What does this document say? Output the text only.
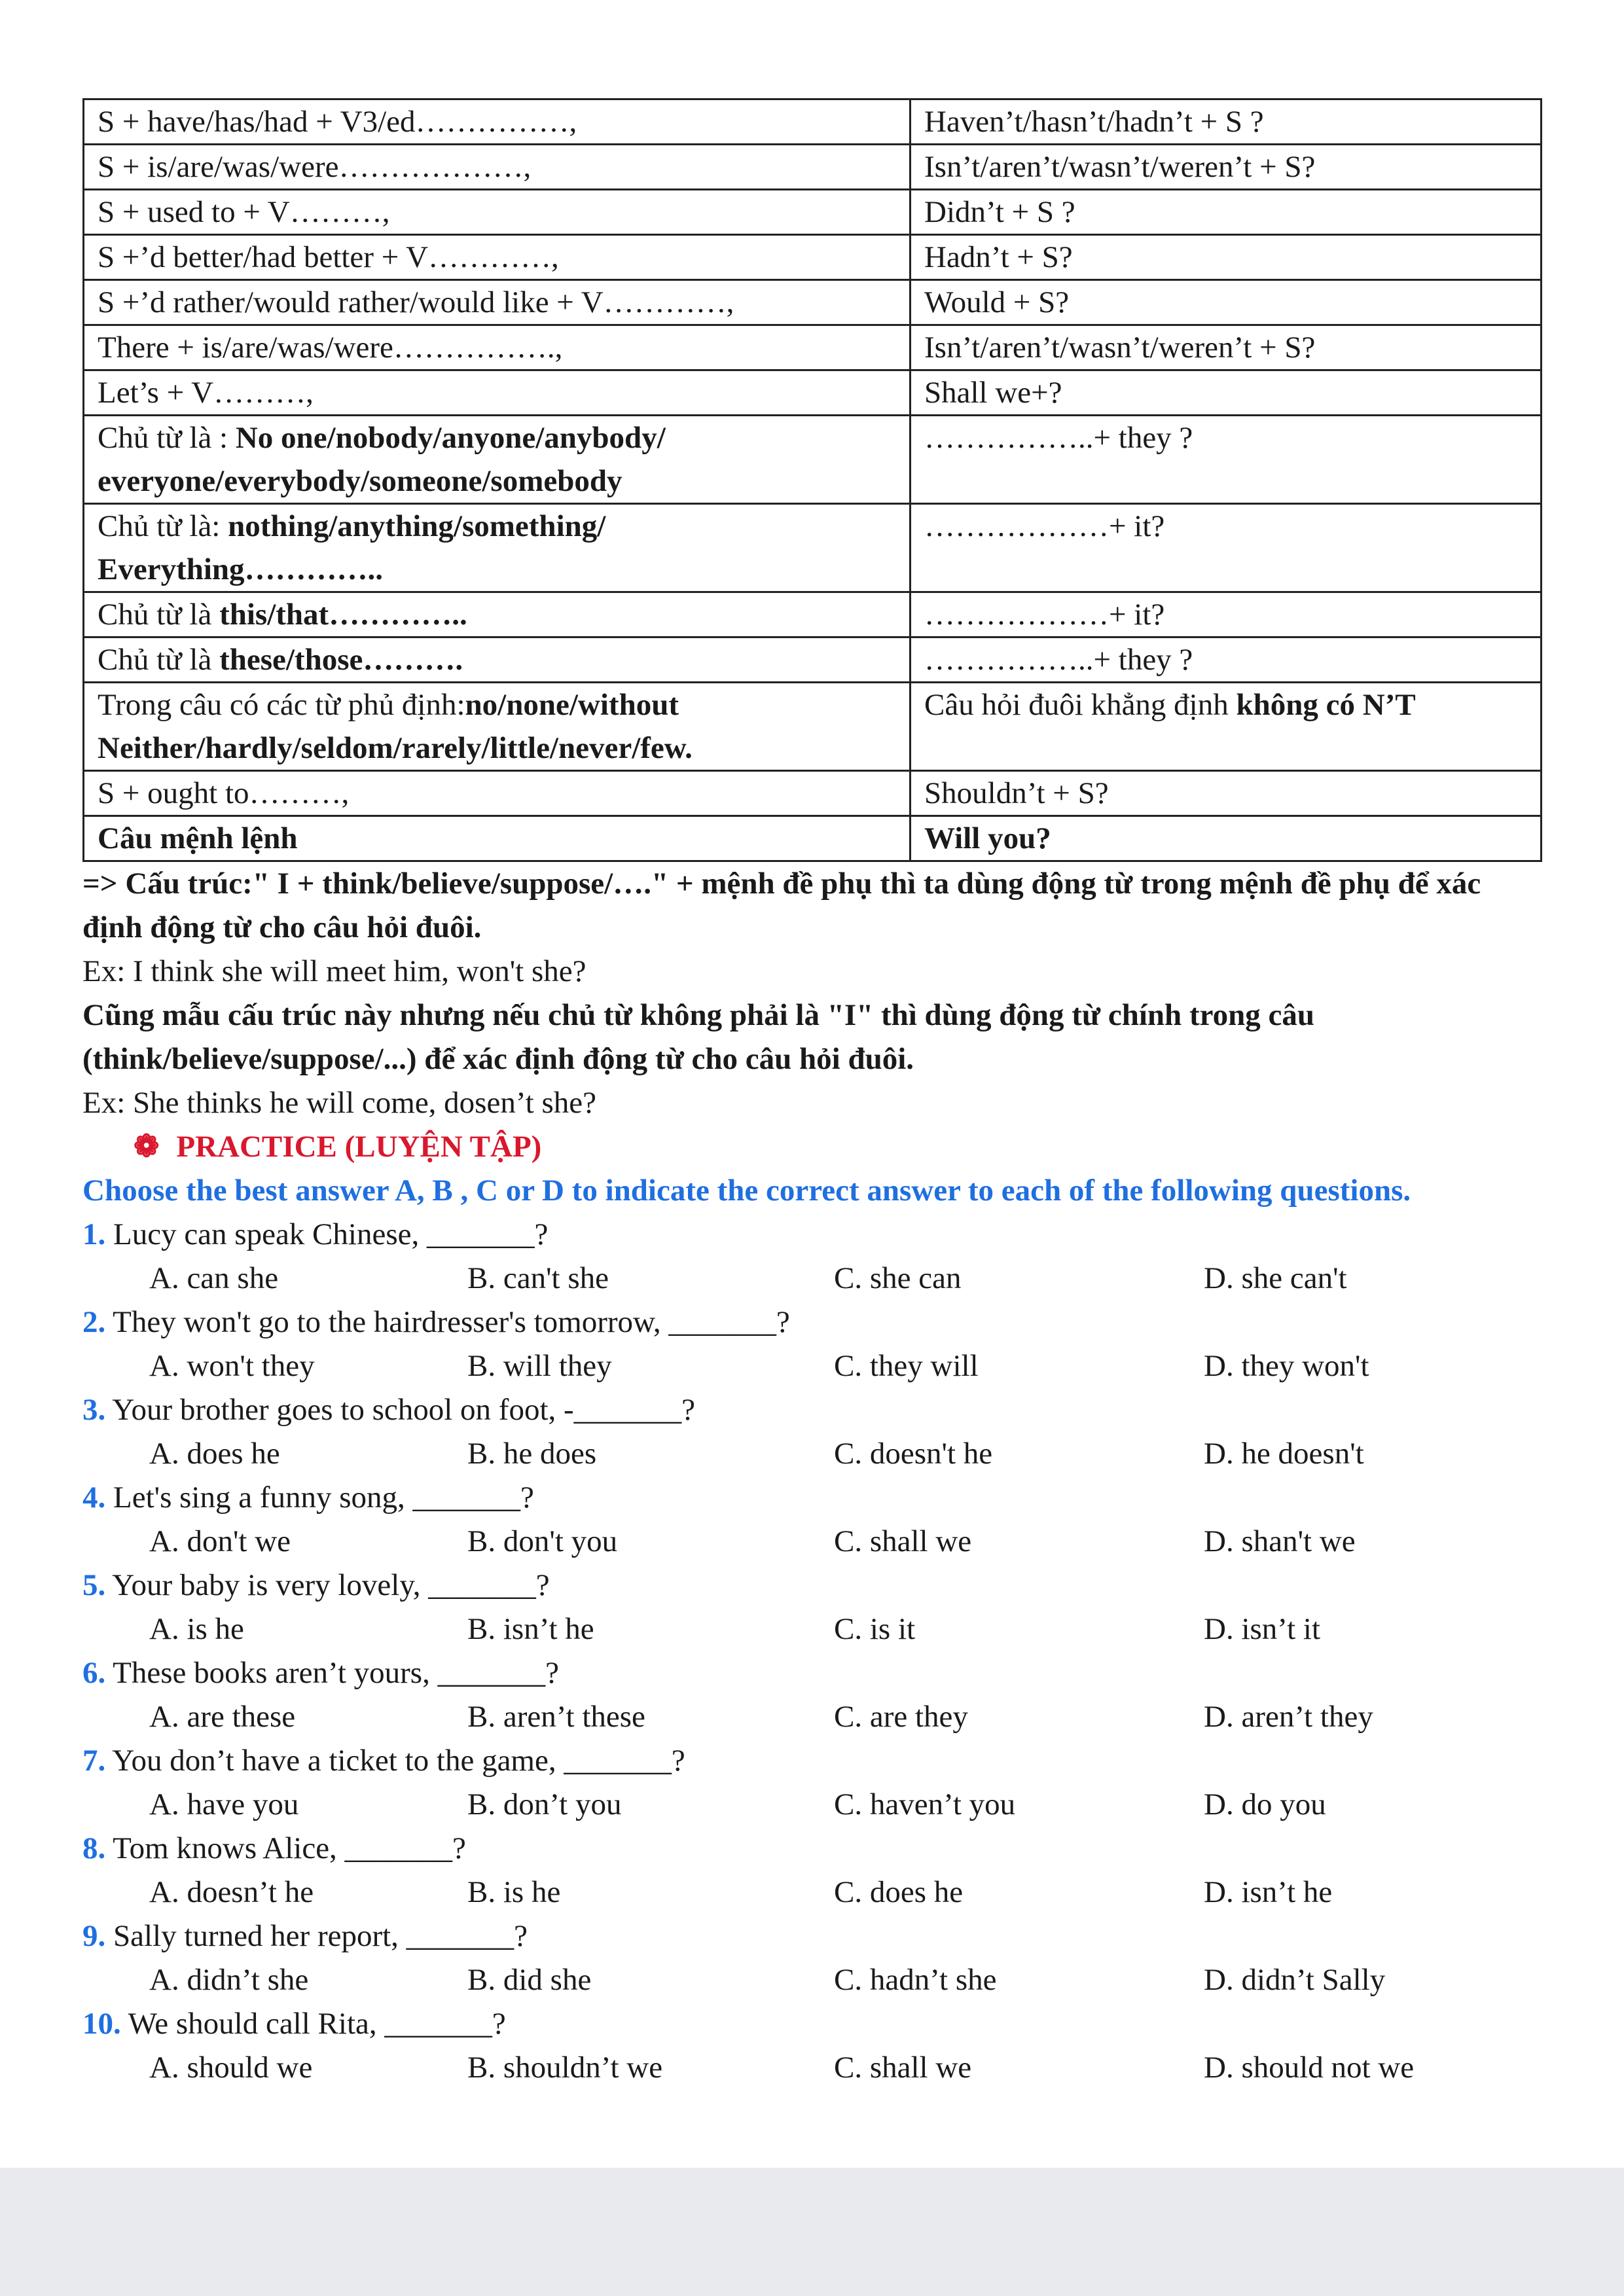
S + have/has/had + V3/ed……………,	Haven’t/hasn’t/hadn’t + S ?
S + is/are/was/were………………,	Isn’t/aren’t/wasn’t/weren’t + S?
S + used to + V………,	Didn’t + S ?
S +’d better/had better + V…………,	Hadn’t + S?
S +’d rather/would rather/would like + V…………,	Would + S?
There + is/are/was/were…………….,	Isn’t/aren’t/wasn’t/weren’t + S?
Let’s + V………,	Shall we+?
Chủ từ là : No one/nobody/anyone/anybody/ everyone/everybody/someone/somebody	……………..+ they ?
Chủ từ là: nothing/anything/something/ Everything…………..	………………+ it?
Chủ từ là this/that…………..	………………+ it?
Chủ từ là these/those……….	……………..+ they ?
Trong câu có các từ phủ định:no/none/without Neither/hardly/seldom/rarely/little/never/few.	Câu hỏi đuôi khẳng định không có N’T
S + ought to………,	Shouldn’t + S?
Câu mệnh lệnh	Will you?
=> Cấu trúc:" I + think/believe/suppose/…." + mệnh đề phụ thì ta dùng động từ trong mệnh đề phụ để xác định động từ cho câu hỏi đuôi.
Ex: I think she will meet him, won't she?
Cũng mẫu cấu trúc này nhưng nếu chủ từ không phải là "I" thì dùng động từ chính trong câu (think/believe/suppose/...) để xác định động từ cho câu hỏi đuôi.
Ex: She thinks he will come, dosen’t she?
❁ PRACTICE (LUYỆN TẬP)
Choose the best answer A, B , C or D to indicate the correct answer to each of the following questions.
1. Lucy can speak Chinese, _______?
A. can she	B. can't she	C. she can	D. she can't
2. They won't go to the hairdresser's tomorrow, _______?
A. won't they	B. will they	C. they will	D. they won't
3. Your brother goes to school on foot, -_______?
A. does he	B. he does	C. doesn't he	D. he doesn't
4. Let's sing a funny song, _______?
A. don't we	B. don't you	C. shall we	D. shan't we
5. Your baby is very lovely, _______?
A. is he	B. isn’t he	C. is it	D. isn’t it
6. These books aren’t yours, _______?
A. are these	B. aren’t these	C. are they	D. aren’t they
7. You don’t have a ticket to the game, _______?
A. have you	B. don’t you	C. haven’t you	D. do you
8. Tom knows Alice, _______?
A. doesn’t he	B. is he	C. does he	D. isn’t he
9. Sally turned her report, _______?
A. didn’t she	B. did she	C. hadn’t she	D. didn’t Sally
10. We should call Rita, _______?
A. should we	B. shouldn’t we	C. shall we	D. should not we
